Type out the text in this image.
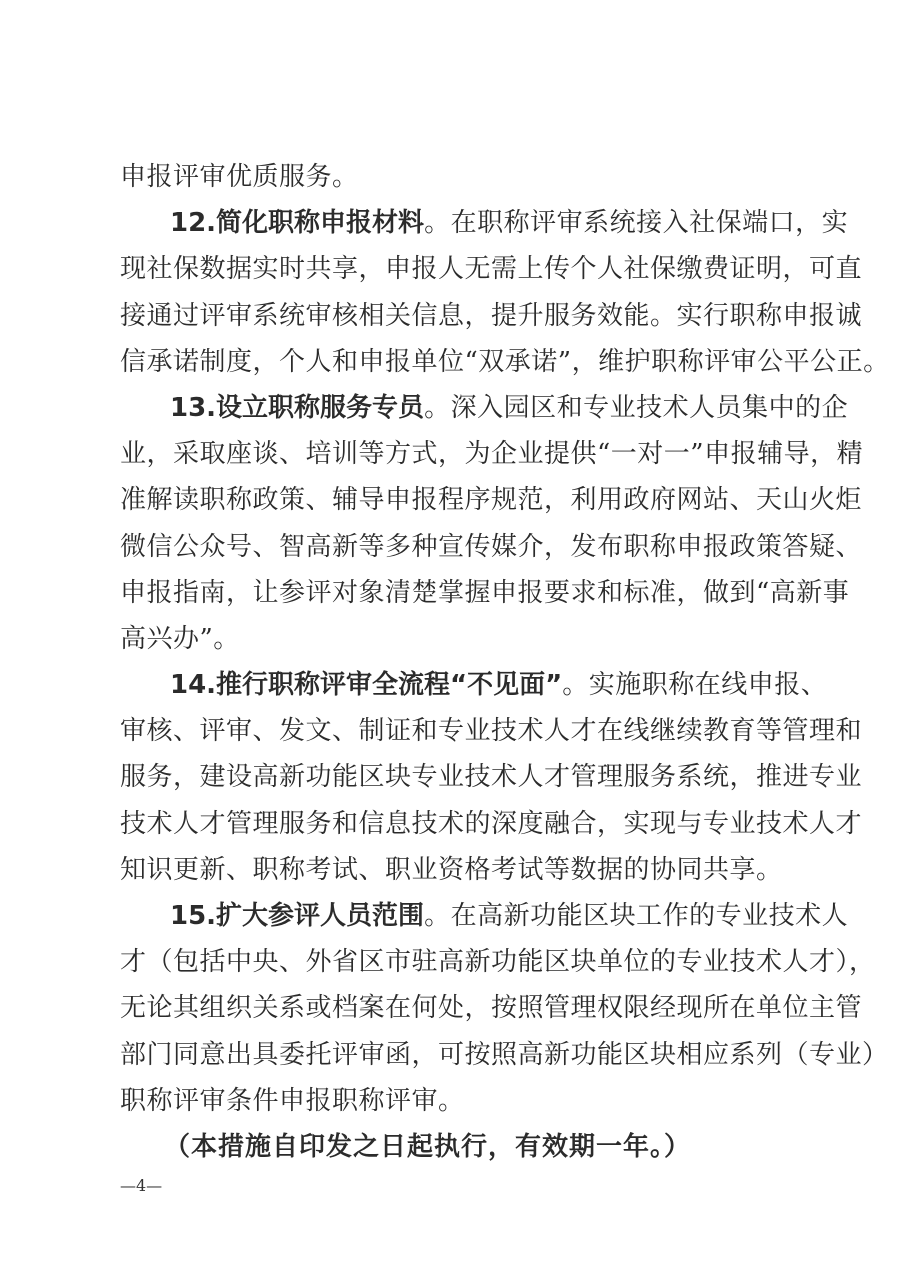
申报评审优质服务。
12.简化职称申报材料。在职称评审系统接入社保端口，实
现社保数据实时共享，申报人无需上传个人社保缴费证明，可直
接通过评审系统审核相关信息，提升服务效能。实行职称申报诚
信承诺制度，个人和申报单位“双承诺”，维护职称评审公平公正。
13.设立职称服务专员。深入园区和专业技术人员集中的企
业，采取座谈、培训等方式，为企业提供“一对一”申报辅导，精
准解读职称政策、辅导申报程序规范，利用政府网站、天山火炬
微信公众号、智高新等多种宣传媒介，发布职称申报政策答疑、
申报指南，让参评对象清楚掌握申报要求和标准，做到“高新事
高兴办”。
14.推行职称评审全流程“不见面”。实施职称在线申报、
审核、评审、发文、制证和专业技术人才在线继续教育等管理和
服务，建设高新功能区块专业技术人才管理服务系统，推进专业
技术人才管理服务和信息技术的深度融合，实现与专业技术人才
知识更新、职称考试、职业资格考试等数据的协同共享。
15.扩大参评人员范围。在高新功能区块工作的专业技术人
才（包括中央、外省区市驻高新功能区块单位的专业技术人才），
无论其组织关系或档案在何处，按照管理权限经现所在单位主管
部门同意出具委托评审函，可按照高新功能区块相应系列（专业）
职称评审条件申报职称评审。
（本措施自印发之日起执行，有效期一年。）
—4—
